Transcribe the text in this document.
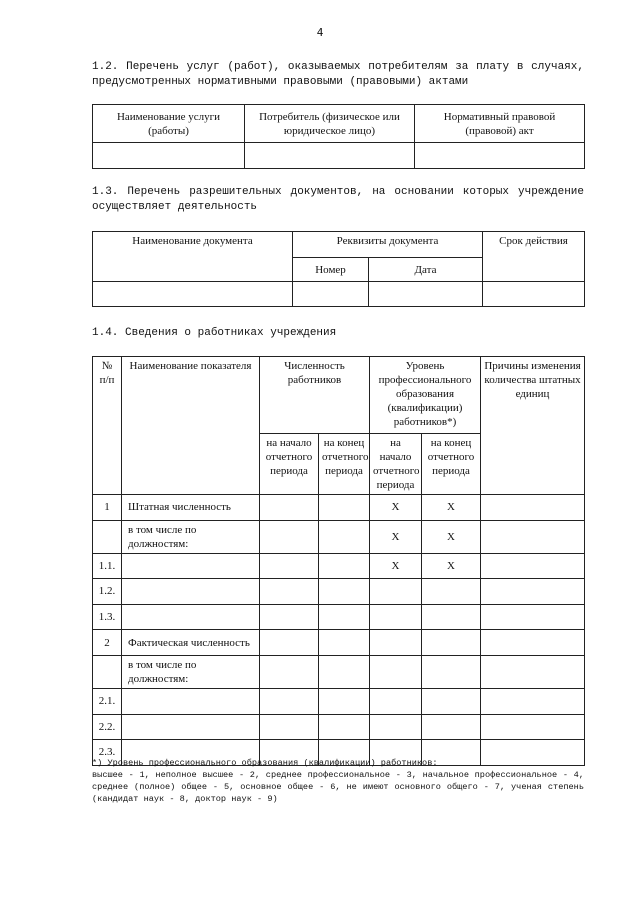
4
1.2. Перечень услуг (работ), оказываемых потребителям за плату в случаях,
предусмотренных нормативными правовыми (правовыми) актами
Наименование услуги (работы)	Потребитель (физическое или юридическое лицо)	Нормативный правовой (правовой) акт

1.3. Перечень разрешительных документов, на основании которых учреждение
осуществляет деятельность
Наименование документа	Реквизиты документа		Срок действия
	Номер	Дата	

1.4. Сведения о работниках учреждения
№ п/п	Наименование показателя	Численность работников		Уровень профессионального образования (квалификации) работников*)		Причины изменения количества штатных единиц
		на начало отчетного периода	на конец отчетного периода	на начало отчетного периода	на конец отчетного периода	
1	Штатная численность			X	X	
	в том числе по должностям:			X	X	
1.1.				X	X	
1.2.						
1.3.						
2	Фактическая численность					
	в том числе по должностям:					
2.1.						
2.2.						
2.3.						

*) Уровень профессионального образования (квалификации) работников:

высшее - 1, неполное высшее - 2, среднее профессиональное - 3, начальное профессиональное - 4,

среднее (полное) общее - 5, основное общее - 6, не имеют основного общего - 7, ученая степень

(кандидат наук - 8, доктор наук - 9)
